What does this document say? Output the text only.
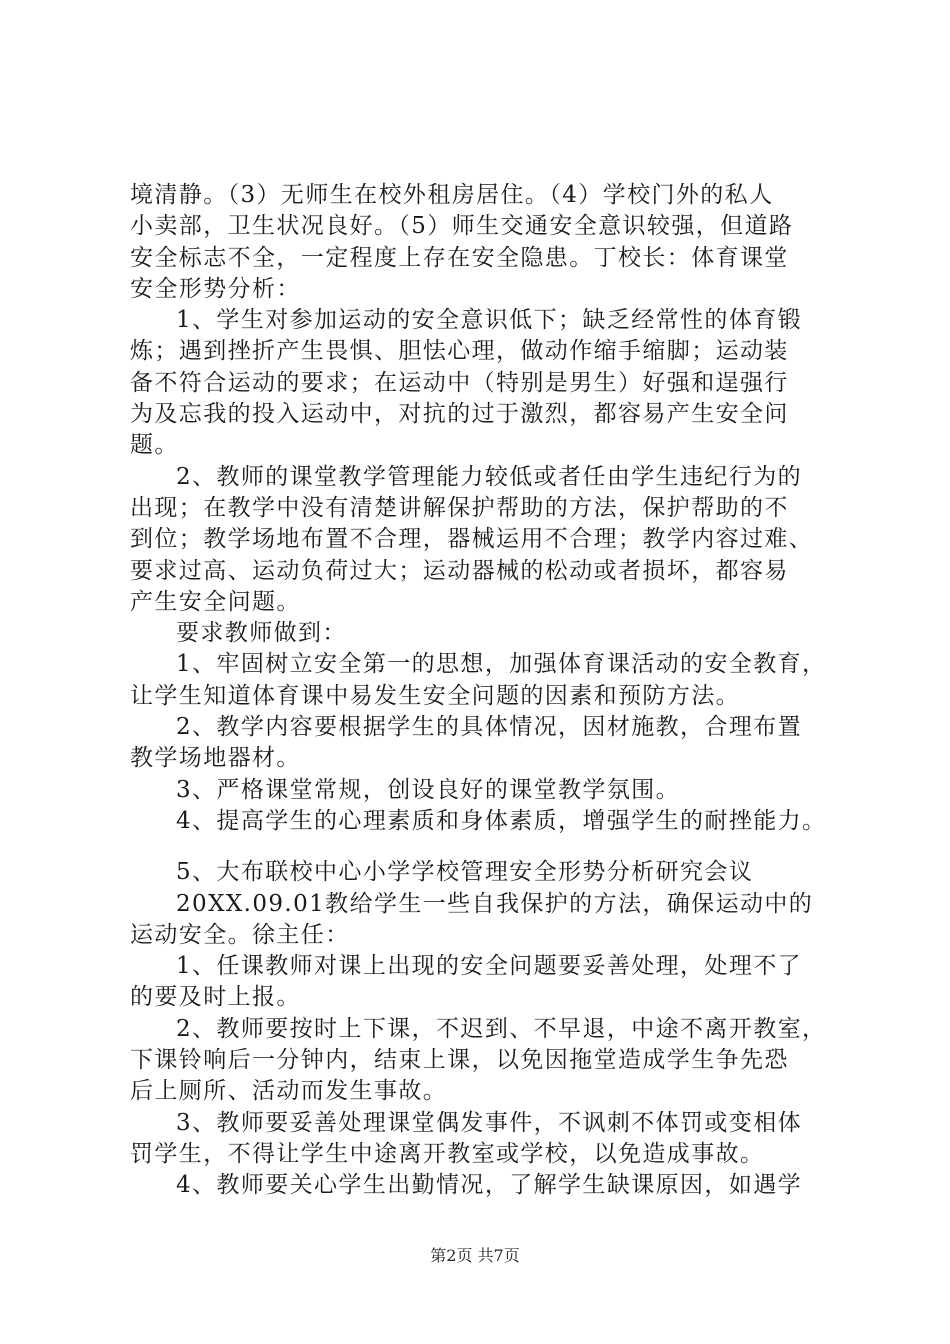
境清静。（3）无师生在校外租房居住。（4）学校门外的私人
小卖部，卫生状况良好。（5）师生交通安全意识较强，但道路
安全标志不全，一定程度上存在安全隐患。丁校长：体育课堂
安全形势分析：
1、学生对参加运动的安全意识低下；缺乏经常性的体育锻
炼；遇到挫折产生畏惧、胆怯心理，做动作缩手缩脚；运动装
备不符合运动的要求；在运动中（特别是男生）好强和逞强行
为及忘我的投入运动中，对抗的过于激烈，都容易产生安全问
题。
2、教师的课堂教学管理能力较低或者任由学生违纪行为的
出现；在教学中没有清楚讲解保护帮助的方法，保护帮助的不
到位；教学场地布置不合理，器械运用不合理；教学内容过难、
要求过高、运动负荷过大；运动器械的松动或者损坏，都容易
产生安全问题。
要求教师做到：
1、牢固树立安全第一的思想，加强体育课活动的安全教育，
让学生知道体育课中易发生安全问题的因素和预防方法。
2、教学内容要根据学生的具体情况，因材施教，合理布置
教学场地器材。
3、严格课堂常规，创设良好的课堂教学氛围。
4、提高学生的心理素质和身体素质，增强学生的耐挫能力。
5、大布联校中心小学学校管理安全形势分析研究会议
20XX.09.01教给学生一些自我保护的方法，确保运动中的
运动安全。徐主任：
1、任课教师对课上出现的安全问题要妥善处理，处理不了
的要及时上报。
2、教师要按时上下课，不迟到、不早退，中途不离开教室，
下课铃响后一分钟内，结束上课，以免因拖堂造成学生争先恐
后上厕所、活动而发生事故。
3、教师要妥善处理课堂偶发事件，不讽刺不体罚或变相体
罚学生，不得让学生中途离开教室或学校，以免造成事故。
4、教师要关心学生出勤情况，了解学生缺课原因，如遇学
第2页 共7页
